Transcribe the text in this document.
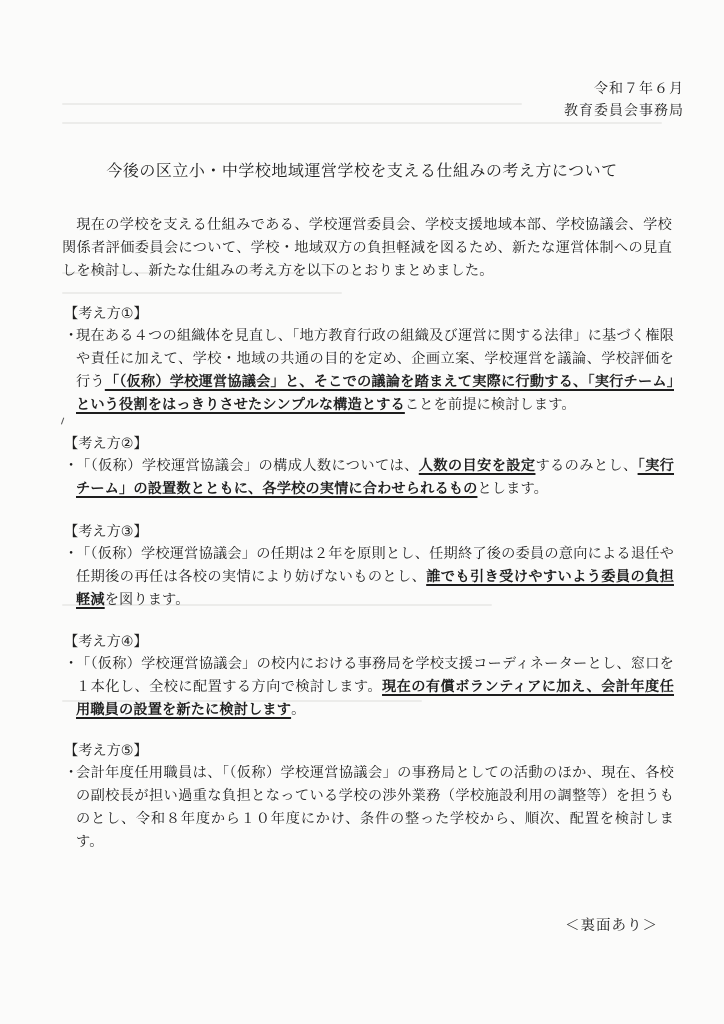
令和７年６月
教育委員会事務局
今後の区立小・中学校地域運営学校を支える仕組みの考え方について
現在の学校を支える仕組みである、学校運営委員会、学校支援地域本部、学校協議会、学校関係者評価委員会について、学校・地域双方の負担軽減を図るため、新たな運営体制への見直しを検討し、新たな仕組みの考え方を以下のとおりまとめました。
【考え方①】
・
現在ある４つの組織体を見直し、「地方教育行政の組織及び運営に関する法律」に基づく権限や責任に加えて、学校・地域の共通の目的を定め、企画立案、学校運営を議論、学校評価を行う「（仮称）学校運営協議会」と、そこでの議論を踏まえて実際に行動する、「実行チーム」という役割をはっきりさせたシンプルな構造とすることを前提に検討します。
【考え方②】
・
「（仮称）学校運営協議会」の構成人数については、人数の目安を設定するのみとし、「実行チーム」の設置数とともに、各学校の実情に合わせられるものとします。
【考え方③】
・
「（仮称）学校運営協議会」の任期は２年を原則とし、任期終了後の委員の意向による退任や任期後の再任は各校の実情により妨げないものとし、誰でも引き受けやすいよう委員の負担軽減を図ります。
【考え方④】
・
「（仮称）学校運営協議会」の校内における事務局を学校支援コーディネーターとし、窓口を１本化し、全校に配置する方向で検討します。現在の有償ボランティアに加え、会計年度任用職員の設置を新たに検討します。
【考え方⑤】
・
会計年度任用職員は、「（仮称）学校運営協議会」の事務局としての活動のほか、現在、各校の副校長が担い過重な負担となっている学校の渉外業務（学校施設利用の調整等）を担うものとし、令和８年度から１０年度にかけ、条件の整った学校から、順次、配置を検討します。
＜裏面あり＞
